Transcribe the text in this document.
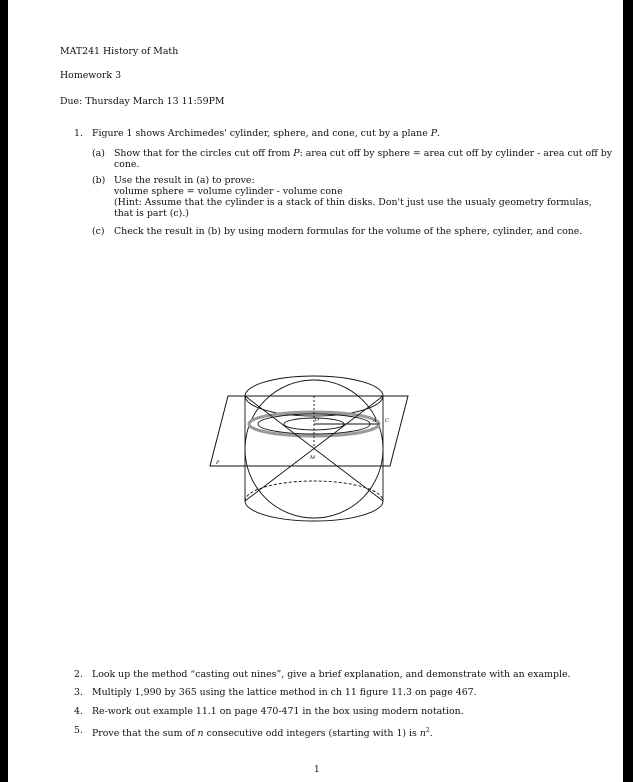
MAT241 History of Math
Homework 3
Due: Thursday March 13 11:59PM
1. Figure 1 shows Archimedes' cylinder, sphere, and cone, cut by a plane P.
(a) Show that for the circles cut off from P: area cut off by sphere = area cut off by cylinder - area cut off by
cone.
(b) Use the result in (a) to prove:
volume sphere = volume cylinder - volume cone
(Hint: Assume that the cylinder is a stack of thin disks. Don't just use the usualy geometry formulas,
that is part (c).)
(c) Check the result in (b) by using modern formulas for the volume of the sphere, cylinder, and cone.
P
O	C
M
A
2. Look up the method “casting out nines”, give a brief explanation, and demonstrate with an example.
3. Multiply 1,990 by 365 using the lattice method in ch 11 figure 11.3 on page 467.
4. Re-work out example 11.1 on page 470-471 in the box using modern notation.
5. Prove that the sum of n consecutive odd integers (starting with 1) is $n^2$.
1
